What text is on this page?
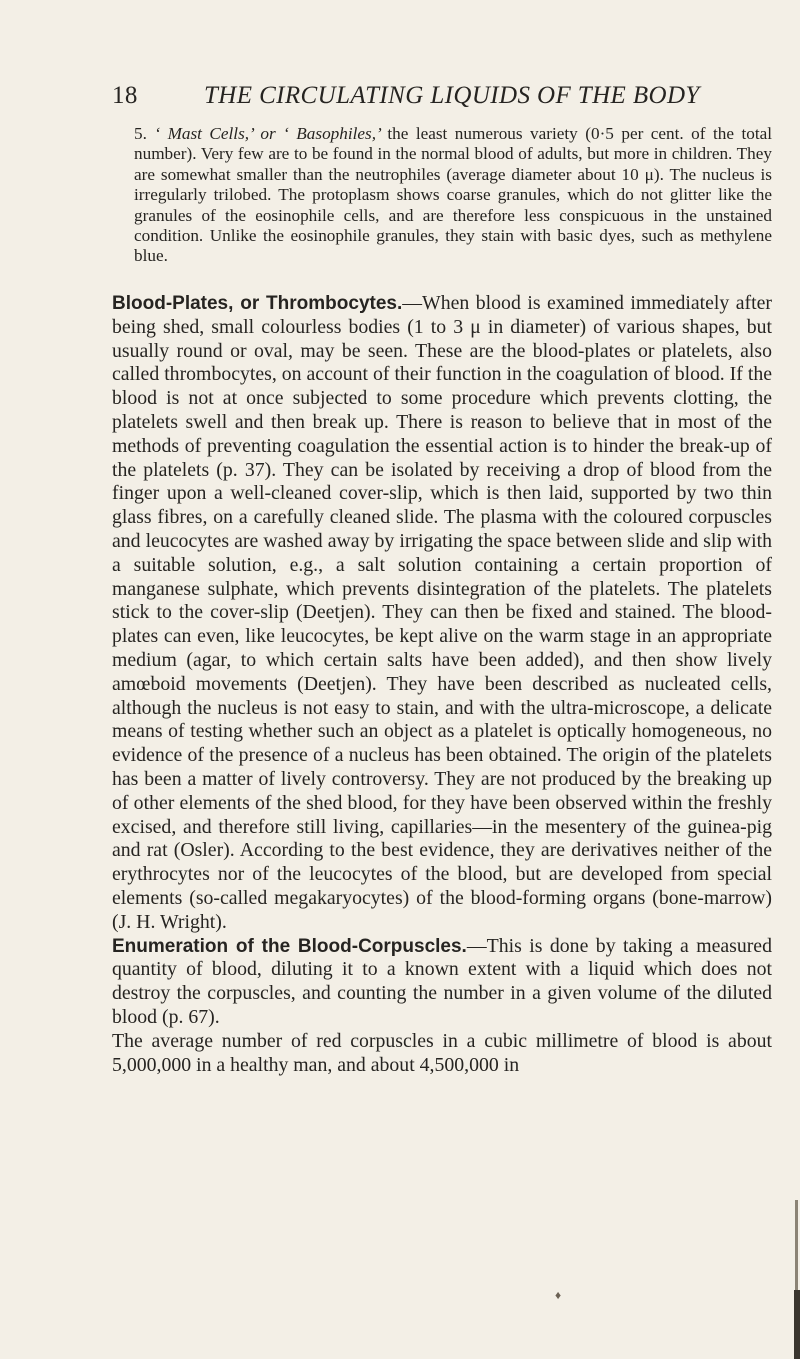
18	THE CIRCULATING LIQUIDS OF THE BODY

5. ‘ Mast Cells,’ or ‘ Basophiles,’ the least numerous variety (0·5 per cent. of the total number). Very few are to be found in the normal blood of adults, but more in children. They are somewhat smaller than the neutrophiles (average diameter about 10 μ). The nucleus is irregularly trilobed. The protoplasm shows coarse granules, which do not glitter like the granules of the eosinophile cells, and are therefore less conspicuous in the unstained condition. Unlike the eosinophile granules, they stain with basic dyes, such as methylene blue.

Blood-Plates, or Thrombocytes.—When blood is examined immediately after being shed, small colourless bodies (1 to 3 μ in diameter) of various shapes, but usually round or oval, may be seen. These are the blood-plates or platelets, also called thrombocytes, on account of their function in the coagulation of blood. If the blood is not at once subjected to some procedure which prevents clotting, the platelets swell and then break up. There is reason to believe that in most of the methods of preventing coagulation the essential action is to hinder the break-up of the platelets (p. 37). They can be isolated by receiving a drop of blood from the finger upon a well-cleaned cover-slip, which is then laid, supported by two thin glass fibres, on a carefully cleaned slide. The plasma with the coloured corpuscles and leucocytes are washed away by irrigating the space between slide and slip with a suitable solution, e.g., a salt solution containing a certain proportion of manganese sulphate, which prevents disintegration of the platelets. The platelets stick to the cover-slip (Deetjen). They can then be fixed and stained. The blood-plates can even, like leucocytes, be kept alive on the warm stage in an appropriate medium (agar, to which certain salts have been added), and then show lively amœboid movements (Deetjen). They have been described as nucleated cells, although the nucleus is not easy to stain, and with the ultra-microscope, a delicate means of testing whether such an object as a platelet is optically homogeneous, no evidence of the presence of a nucleus has been obtained. The origin of the platelets has been a matter of lively controversy. They are not produced by the breaking up of other elements of the shed blood, for they have been observed within the freshly excised, and therefore still living, capillaries—in the mesentery of the guinea-pig and rat (Osler). According to the best evidence, they are derivatives neither of the erythrocytes nor of the leucocytes of the blood, but are developed from special elements (so-called megakaryocytes) of the blood-forming organs (bone-marrow) (J. H. Wright).

Enumeration of the Blood-Corpuscles.—This is done by taking a measured quantity of blood, diluting it to a known extent with a liquid which does not destroy the corpuscles, and counting the number in a given volume of the diluted blood (p. 67).

The average number of red corpuscles in a cubic millimetre of blood is about 5,000,000 in a healthy man, and about 4,500,000 in

♦
